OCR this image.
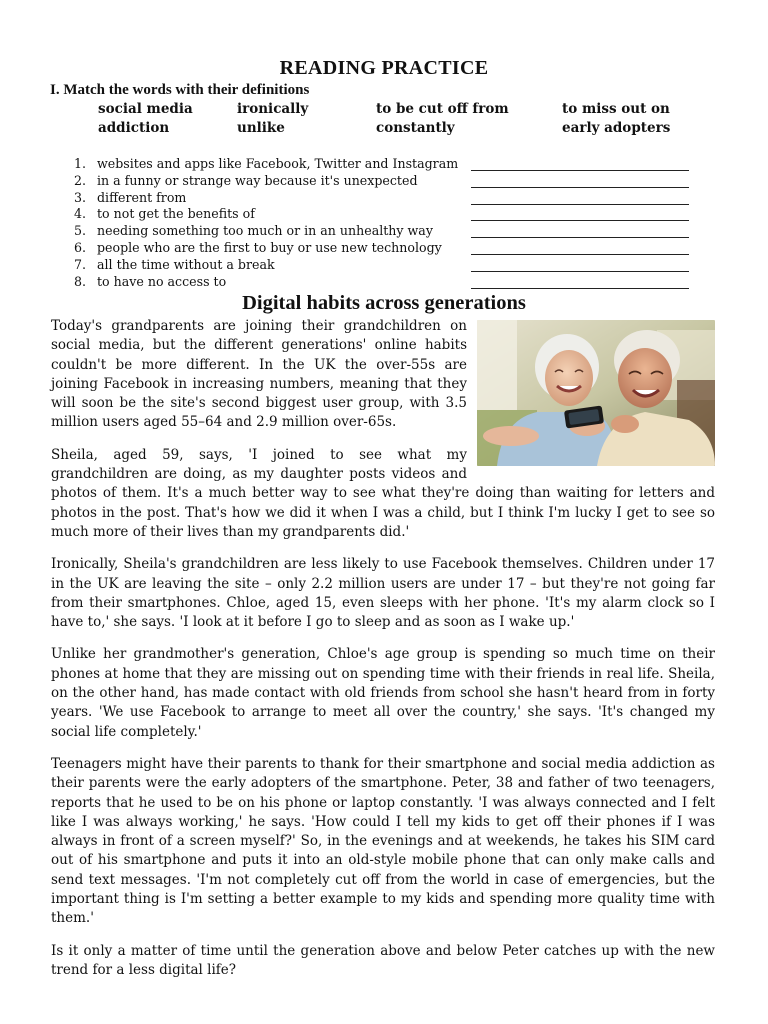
READING PRACTICE
I. Match the words with their definitions
social media	ironically	to be cut off from	to miss out on
addiction	unlike	constantly	early adopters
1. websites and apps like Facebook, Twitter and Instagram
2. in a funny or strange way because it's unexpected
3. different from
4. to not get the benefits of
5. needing something too much or in an unhealthy way
6. people who are the first to buy or use new technology
7. all the time without a break
8. to have no access to
Digital habits across generations

Today's grandparents are joining their grandchildren on social media, but the different generations' online habits couldn't be more different. In the UK the over-55s are joining Facebook in increasing numbers, meaning that they will soon be the site's second biggest user group, with 3.5 million users aged 55–64 and 2.9 million over-65s.

Sheila, aged 59, says, 'I joined to see what my grandchildren are doing, as my daughter posts videos and photos of them. It's a much better way to see what they're doing than waiting for letters and photos in the post. That's how we did it when I was a child, but I think I'm lucky I get to see so much more of their lives than my grandparents did.'

Ironically, Sheila's grandchildren are less likely to use Facebook themselves. Children under 17 in the UK are leaving the site – only 2.2 million users are under 17 – but they're not going far from their smartphones. Chloe, aged 15, even sleeps with her phone. 'It's my alarm clock so I have to,' she says. 'I look at it before I go to sleep and as soon as I wake up.'

Unlike her grandmother's generation, Chloe's age group is spending so much time on their phones at home that they are missing out on spending time with their friends in real life. Sheila, on the other hand, has made contact with old friends from school she hasn't heard from in forty years. 'We use Facebook to arrange to meet all over the country,' she says. 'It's changed my social life completely.'

Teenagers might have their parents to thank for their smartphone and social media addiction as their parents were the early adopters of the smartphone. Peter, 38 and father of two teenagers, reports that he used to be on his phone or laptop constantly. 'I was always connected and I felt like I was always working,' he says. 'How could I tell my kids to get off their phones if I was always in front of a screen myself?' So, in the evenings and at weekends, he takes his SIM card out of his smartphone and puts it into an old-style mobile phone that can only make calls and send text messages. 'I'm not completely cut off from the world in case of emergencies, but the important thing is I'm setting a better example to my kids and spending more quality time with them.'

Is it only a matter of time until the generation above and below Peter catches up with the new trend for a less digital life?
